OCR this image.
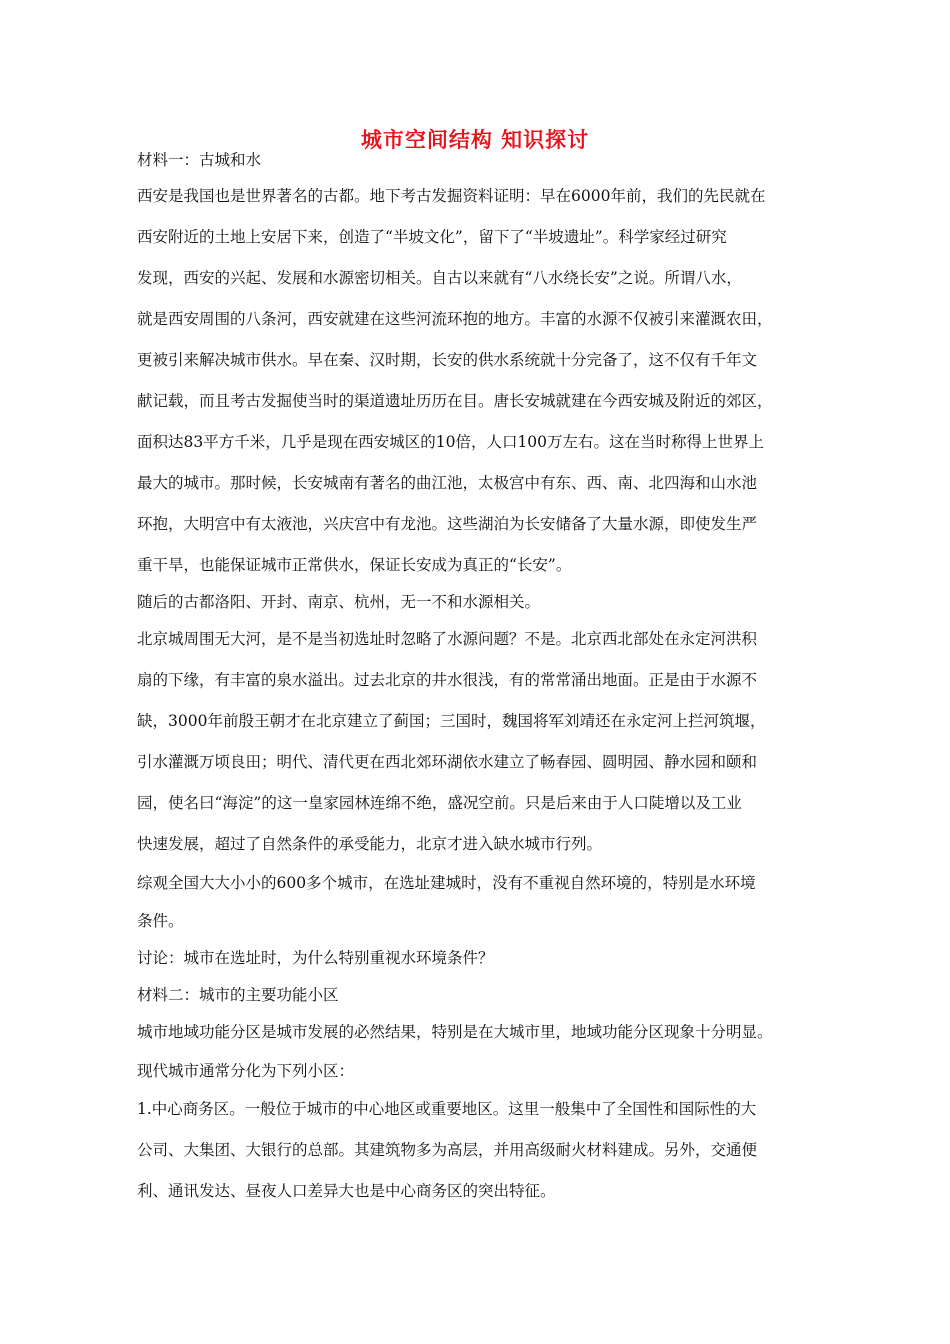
城市空间结构 知识探讨
材料一：古城和水
西安是我国也是世界著名的古都。地下考古发掘资料证明：早在6000年前，我们的先民就在
西安附近的土地上安居下来，创造了“半坡文化”，留下了“半坡遗址”。科学家经过研究
发现，西安的兴起、发展和水源密切相关。自古以来就有“八水绕长安”之说。所谓八水，
就是西安周围的八条河，西安就建在这些河流环抱的地方。丰富的水源不仅被引来灌溉农田，
更被引来解决城市供水。早在秦、汉时期，长安的供水系统就十分完备了，这不仅有千年文
献记载，而且考古发掘使当时的渠道遗址历历在目。唐长安城就建在今西安城及附近的郊区，
面积达83平方千米，几乎是现在西安城区的10倍，人口100万左右。这在当时称得上世界上
最大的城市。那时候，长安城南有著名的曲江池，太极宫中有东、西、南、北四海和山水池
环抱，大明宫中有太液池，兴庆宫中有龙池。这些湖泊为长安储备了大量水源，即使发生严
重干旱，也能保证城市正常供水，保证长安成为真正的“长安”。
随后的古都洛阳、开封、南京、杭州，无一不和水源相关。
北京城周围无大河，是不是当初选址时忽略了水源问题？不是。北京西北部处在永定河洪积
扇的下缘，有丰富的泉水溢出。过去北京的井水很浅，有的常常涌出地面。正是由于水源不
缺，3000年前殷王朝才在北京建立了蓟国；三国时，魏国将军刘靖还在永定河上拦河筑堰，
引水灌溉万顷良田；明代、清代更在西北郊环湖依水建立了畅春园、圆明园、静水园和颐和
园，使名曰“海淀”的这一皇家园林连绵不绝，盛况空前。只是后来由于人口陡增以及工业
快速发展，超过了自然条件的承受能力，北京才进入缺水城市行列。
综观全国大大小小的600多个城市，在选址建城时，没有不重视自然环境的，特别是水环境
条件。
讨论：城市在选址时，为什么特别重视水环境条件？
材料二：城市的主要功能小区
城市地域功能分区是城市发展的必然结果，特别是在大城市里，地域功能分区现象十分明显。
现代城市通常分化为下列小区：
1.中心商务区。一般位于城市的中心地区或重要地区。这里一般集中了全国性和国际性的大
公司、大集团、大银行的总部。其建筑物多为高层，并用高级耐火材料建成。另外，交通便
利、通讯发达、昼夜人口差异大也是中心商务区的突出特征。
